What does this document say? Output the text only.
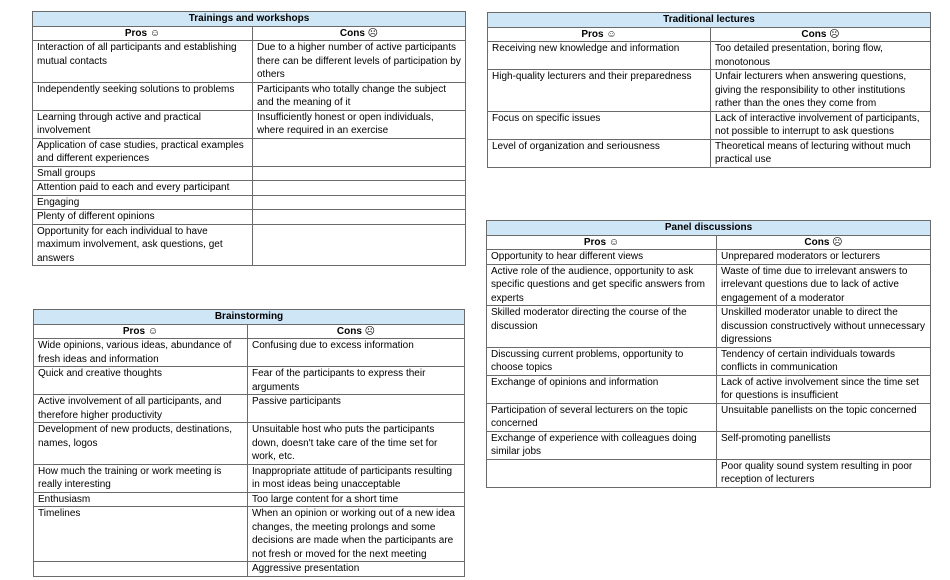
Trainings and workshops	
Pros ☺	Cons ☹
Interaction of all participants and establishing mutual contacts	Due to a higher number of active participants there can be different levels of participation by others
Independently seeking solutions to problems	Participants who totally change the subject and the meaning of it
Learning through active and practical involvement	Insufficiently honest or open individuals, where required in an exercise
Application of case studies, practical examples and different experiences	
Small groups	
Attention paid to each and every participant	
Engaging	
Plenty of different opinions	
Opportunity for each individual to have maximum involvement, ask questions, get answers	
Traditional lectures	
Pros ☺	Cons ☹
Receiving new knowledge and information	Too detailed presentation, boring flow, monotonous
High-quality lecturers and their preparedness	Unfair lecturers when answering questions, giving the responsibility to other institutions rather than the ones they come from
Focus on specific issues	Lack of interactive involvement of participants, not possible to interrupt to ask questions
Level of organization and seriousness	Theoretical means of lecturing without much practical use
Brainstorming	
Pros ☺	Cons ☹
Wide opinions, various ideas, abundance of fresh ideas and information	Confusing due to excess information
Quick and creative thoughts	Fear of the participants to express their arguments
Active involvement of all participants, and therefore higher productivity	Passive participants
Development of new products, destinations, names, logos	Unsuitable host who puts the participants down, doesn't take care of the time set for work, etc.
How much the training or work meeting is really interesting	Inappropriate attitude of participants resulting in most ideas being unacceptable
Enthusiasm	Too large content for a short time
Timelines	When an opinion or working out of a new idea changes, the meeting prolongs and some decisions are made when the participants are not fresh or moved for the next meeting
	Aggressive presentation
Panel discussions	
Pros ☺	Cons ☹
Opportunity to hear different views	Unprepared moderators or lecturers
Active role of the audience, opportunity to ask specific questions and get specific answers from experts	Waste of time due to irrelevant answers to irrelevant questions due to lack of active engagement of a moderator
Skilled moderator directing the course of the discussion	Unskilled moderator unable to direct the discussion constructively without unnecessary digressions
Discussing current problems, opportunity to choose topics	Tendency of certain individuals towards conflicts in communication
Exchange of opinions and information	Lack of active involvement since the time set for questions is insufficient
Participation of several lecturers on the topic concerned	Unsuitable panellists on the topic concerned
Exchange of experience with colleagues doing similar jobs	Self-promoting panellists
	Poor quality sound system resulting in poor reception of lecturers
